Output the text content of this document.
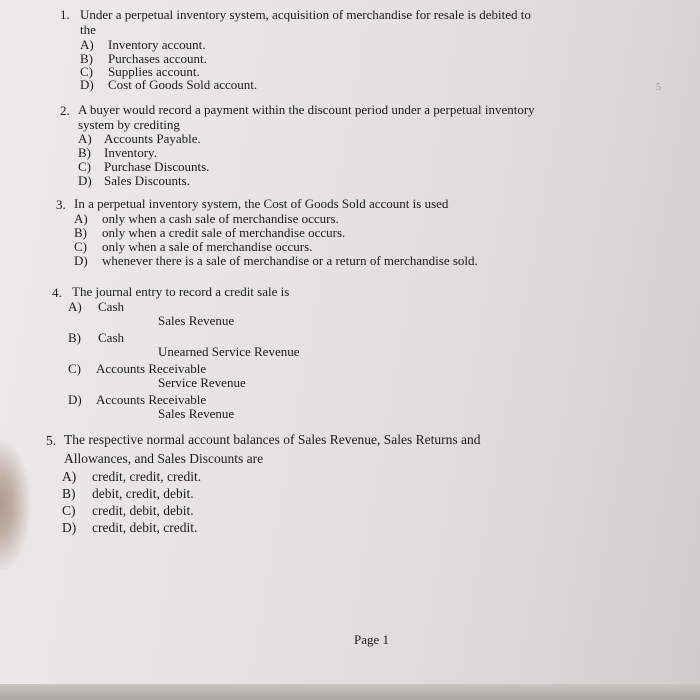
1. Under a perpetual inventory system, acquisition of merchandise for resale is debited to
the
A) Inventory account.
B) Purchases account.
C) Supplies account.
D) Cost of Goods Sold account.	5
2. A buyer would record a payment within the discount period under a perpetual inventory
system by crediting
A) Accounts Payable.
B) Inventory.
C) Purchase Discounts.
D) Sales Discounts.
3. In a perpetual inventory system, the Cost of Goods Sold account is used
A) only when a cash sale of merchandise occurs.
B) only when a credit sale of merchandise occurs.
C) only when a sale of merchandise occurs.
D) whenever there is a sale of merchandise or a return of merchandise sold.
4. The journal entry to record a credit sale is
A) Cash
Sales Revenue
B) Cash
Unearned Service Revenue
C) Accounts Receivable
Service Revenue
D) Accounts Receivable
Sales Revenue
5. The respective normal account balances of Sales Revenue, Sales Returns and
Allowances, and Sales Discounts are
A) credit, credit, credit.
B) debit, credit, debit.
C) credit, debit, debit.
D) credit, debit, credit.
Page 1
